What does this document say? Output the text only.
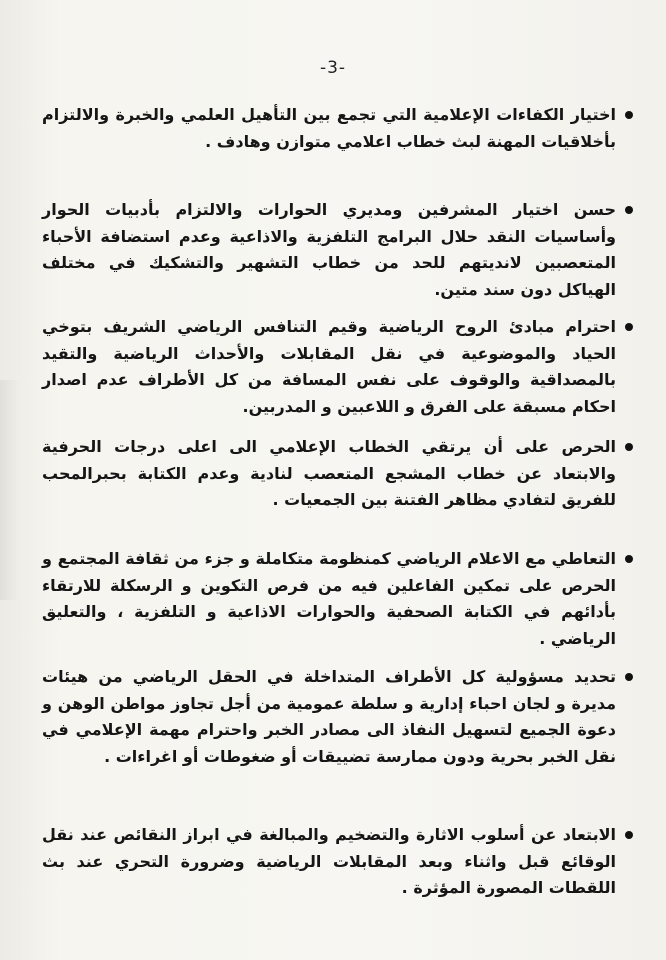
-3-
اختيار الكفاءات الإعلامية التي تجمع بين التأهيل العلمي والخبرة والالتزام بأخلاقيات المهنة لبث خطاب اعلامي متوازن وهادف .
حسن اختيار المشرفين ومديري الحوارات والالتزام بأدبيات الحوار وأساسيات النقد حلال البرامج التلفزية والاذاعية وعدم استضافة الأحباء المتعصبين لانديتهم للحد من خطاب التشهير والتشكيك في مختلف الهياكل دون سند متين.
احترام مبادئ الروح الرياضية وقيم التنافس الرياضي الشريف بتوخي الحياد والموضوعية في نقل المقابلات والأحداث الرياضية والتقيد بالمصداقية والوقوف على نفس المسافة من كل الأطراف عدم اصدار احكام مسبقة على الفرق و اللاعبين و المدربين.
الحرص على أن يرتقي الخطاب الإعلامي الى اعلى درجات الحرفية والابتعاد عن خطاب المشجع المتعصب لنادية وعدم الكتابة بحبرالمحب للفريق لتفادي مظاهر الفتنة بين الجمعيات .
التعاطي مع الاعلام الرياضي كمنظومة متكاملة و جزء من ثقافة المجتمع و الحرص على تمكين الفاعلين فيه من فرص التكوين و الرسكلة للارتقاء بأدائهم في الكتابة الصحفية والحوارات الاذاعية و التلفزية ، والتعليق الرياضي .
تحديد مسؤولية كل الأطراف المتداخلة في الحقل الرياضي من هيئات مديرة و لجان احباء إدارية و سلطة عمومية من أجل تجاوز مواطن الوهن و دعوة الجميع لتسهيل النفاذ الى مصادر الخبر واحترام مهمة الإعلامي في نقل الخبر بحرية ودون ممارسة تضييقات أو ضغوطات أو اغراءات .
الابتعاد عن أسلوب الاثارة والتضخيم والمبالغة في ابراز النقائص عند نقل الوقائع قبل واثناء وبعد المقابلات الرياضية وضرورة التحري عند بث اللقطات المصورة المؤثرة .
